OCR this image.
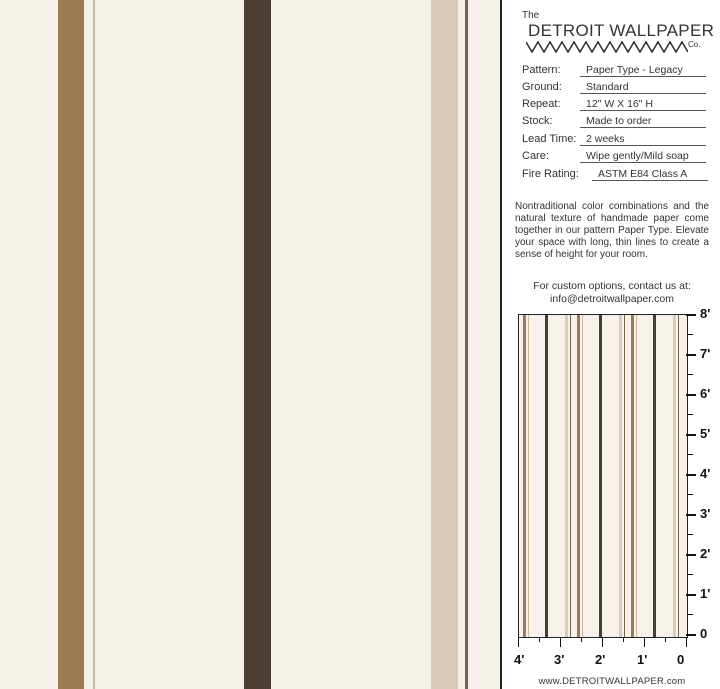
The
DETROIT WALLPAPER
Co.
Pattern:	Paper Type - Legacy
Ground:	Standard
Repeat:	12" W X 16" H
Stock:	Made to order
Lead Time: 2 weeks
Care:	Wipe gently/Mild soap
Fire Rating:	ASTM E84 Class A
Nontraditional color combinations and the natural texture of handmade paper come together in our pattern Paper Type. Elevate your space with long, thin lines to create a sense of height for your room.
For custom options, contact us at:
info@detroitwallpaper.com
8'
7'
6'
5'
4'
3'
2'
1'
0
4' 3' 2' 1' 0
www.DETROITWALLPAPER.com
